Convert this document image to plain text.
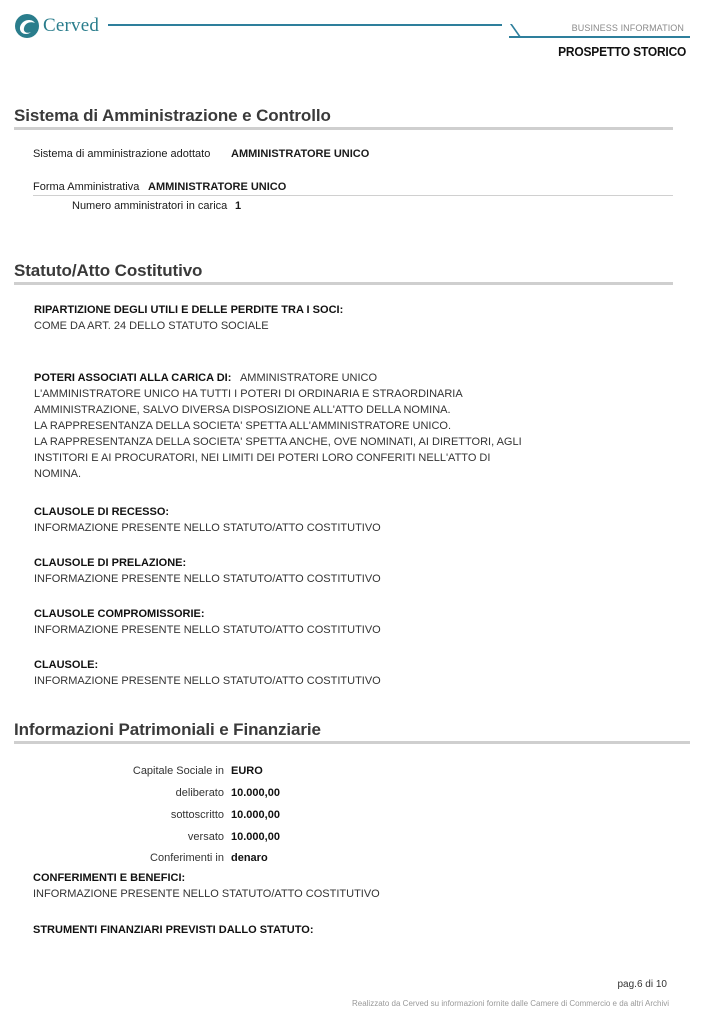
Cerved	BUSINESS INFORMATION
PROSPETTO STORICO
Sistema di Amministrazione e Controllo
Sistema di amministrazione adottato AMMINISTRATORE UNICO
Forma Amministrativa AMMINISTRATORE UNICO
Numero amministratori in carica 1
Statuto/Atto Costitutivo
RIPARTIZIONE DEGLI UTILI E DELLE PERDITE TRA I SOCI:
COME DA ART. 24 DELLO STATUTO SOCIALE
POTERI ASSOCIATI ALLA CARICA DI: AMMINISTRATORE UNICO
L'AMMINISTRATORE UNICO HA TUTTI I POTERI DI ORDINARIA E STRAORDINARIA
AMMINISTRAZIONE, SALVO DIVERSA DISPOSIZIONE ALL'ATTO DELLA NOMINA.
LA RAPPRESENTANZA DELLA SOCIETA' SPETTA ALL'AMMINISTRATORE UNICO.
LA RAPPRESENTANZA DELLA SOCIETA' SPETTA ANCHE, OVE NOMINATI, AI DIRETTORI, AGLI
INSTITORI E AI PROCURATORI, NEI LIMITI DEI POTERI LORO CONFERITI NELL'ATTO DI
NOMINA.
CLAUSOLE DI RECESSO:
INFORMAZIONE PRESENTE NELLO STATUTO/ATTO COSTITUTIVO
CLAUSOLE DI PRELAZIONE:
INFORMAZIONE PRESENTE NELLO STATUTO/ATTO COSTITUTIVO
CLAUSOLE COMPROMISSORIE:
INFORMAZIONE PRESENTE NELLO STATUTO/ATTO COSTITUTIVO
CLAUSOLE:
INFORMAZIONE PRESENTE NELLO STATUTO/ATTO COSTITUTIVO
Informazioni Patrimoniali e Finanziarie
Capitale Sociale in EURO
deliberato 10.000,00
sottoscritto 10.000,00
versato 10.000,00
Conferimenti in denaro
CONFERIMENTI E BENEFICI:
INFORMAZIONE PRESENTE NELLO STATUTO/ATTO COSTITUTIVO
STRUMENTI FINANZIARI PREVISTI DALLO STATUTO:
pag.6 di 10
Realizzato da Cerved su informazioni fornite dalle Camere di Commercio e da altri Archivi
